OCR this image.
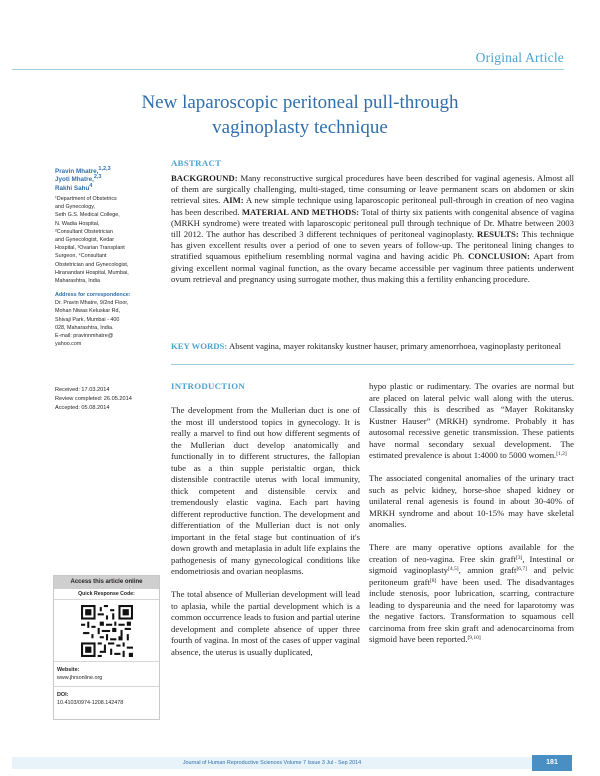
Original Article
New laparoscopic peritoneal pull-through
vaginoplasty technique
Pravin Mhatre,$^{1,2,3}$
Jyoti Mhatre,$^{2,3}$
Rakhi Sahu$^4$
¹Department of Obstetrics
and Gynecology,
Seth G.S. Medical College,
N. Wadia Hospital,
²Consultant Obstetrician
and Gynecologist, Kedar
Hospital, ³Ovarian Transplant
Surgeon, ⁴Consultant
Obstetrician and Gynecologist,
Hiranandani Hospital, Mumbai,
Maharashtra, India
Address for correspondence:
Dr. Pravin Mhatre, 9/2nd Floor,
Mohan Niwas Keluskar Rd,
Shivaji Park, Mumbai - 400
028, Maharashtra, India.
E-mail: pravinnmhatre@
yahoo.com
Received: 17.03.2014
Review completed: 26.05.2014
Accepted: 05.08.2014
Access this article online
Quick Response Code:
Website:
www.jhrsonline.org
DOI:
10.4103/0974-1208.142478
ABSTRACT
BACKGROUND: Many reconstructive surgical procedures have been described for vaginal agenesis. Almost all of them are surgically challenging, multi-staged, time consuming or leave permanent scars on abdomen or skin retrieval sites. AIM: A new simple technique using laparoscopic peritoneal pull-through in creation of neo vagina has been described. MATERIAL AND METHODS: Total of thirty six patients with congenital absence of vagina (MRKH syndrome) were treated with laparoscopic peritoneal pull through technique of Dr. Mhatre between 2003 till 2012. The author has described 3 different techniques of peritoneal vaginoplasty. RESULTS: This technique has given excellent results over a period of one to seven years of follow-up. The peritoneal lining changes to stratified squamous epithelium resembling normal vagina and having acidic Ph. CONCLUSION: Apart from giving excellent normal vaginal function, as the ovary became accessible per vaginum three patients underwent ovum retrieval and pregnancy using surrogate mother, thus making this a fertility enhancing procedure.
KEY WORDS: Absent vagina, mayer rokitansky kustner hauser, primary amenorrhoea, vaginoplasty peritoneal
INTRODUCTION

The development from the Mullerian duct is one of the most ill understood topics in gynecology. It is really a marvel to find out how different segments of the Mullerian duct develop anatomically and functionally in to different structures, the fallopian tube as a thin supple peristaltic organ, thick distensible contractile uterus with local immunity, thick competent and distensible cervix and tremendously elastic vagina. Each part having different reproductive function. The development and differentiation of the Mullerian duct is not only important in the fetal stage but continuation of it's down growth and metaplasia in adult life explains the pathogenesis of many gynecological conditions like endometriosis and ovarian neoplasms.

The total absence of Mullerian development will lead to aplasia, while the partial development which is a common occurrence leads to fusion and partial uterine development and complete absence of upper three fourth of vagina. In most of the cases of upper vaginal absence, the uterus is usually duplicated,

hypo plastic or rudimentary. The ovaries are normal but are placed on lateral pelvic wall along with the uterus. Classically this is described as “Mayer Rokitansky Kustner Hauser” (MRKH) syndrome. Probably it has autosomal recessive genetic transmission. These patients have normal secondary sexual development. The estimated prevalence is about 1:4000 to 5000 women.[1,2]

The associated congenital anomalies of the urinary tract such as pelvic kidney, horse-shoe shaped kidney or unilateral renal agenesis is found in about 30-40% of MRKH syndrome and about 10-15% may have skeletal anomalies.

There are many operative options available for the creation of neo-vagina. Free skin graft[3], Intestinal or sigmoid vaginoplasty[4,5], amnion graft[6,7] and pelvic peritoneum graft[8] have been used. The disadvantages include stenosis, poor lubrication, scarring, contracture leading to dyspareunia and the need for laparotomy was the negative factors. Transformation to squamous cell carcinoma from free skin graft and adenocarcinoma from sigmoid have been reported.[9,10]

Journal of Human Reproductive Sciences Volume 7 Issue 3 Jul - Sep 2014	181
